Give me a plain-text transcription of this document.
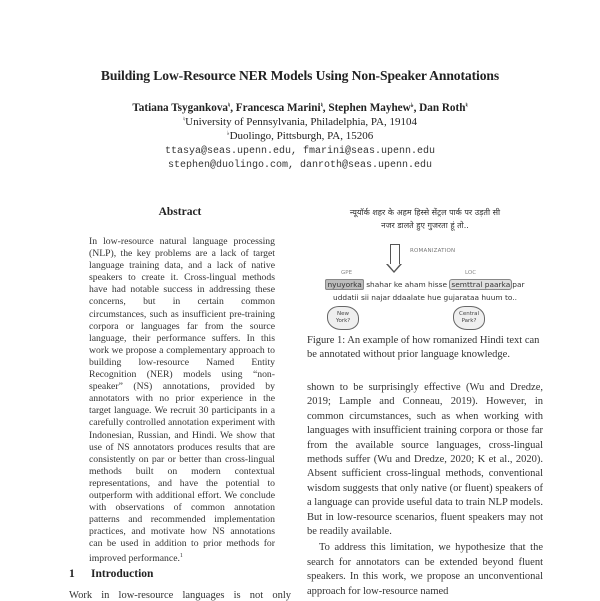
Building Low-Resource NER Models Using Non-Speaker Annotations
Tatiana Tsygankova♮, Francesca Marini♮, Stephen Mayhew♭, Dan Roth♮
♮University of Pennsylvania, Philadelphia, PA, 19104
♭Duolingo, Pittsburgh, PA, 15206
ttasya@seas.upenn.edu, fmarini@seas.upenn.edu
stephen@duolingo.com, danroth@seas.upenn.edu
Abstract
In low-resource natural language processing (NLP), the key problems are a lack of target language training data, and a lack of native speakers to create it. Cross-lingual methods have had notable success in addressing these concerns, but in certain common circumstances, such as insufficient pre-training corpora or languages far from the source language, their performance suffers. In this work we propose a complementary approach to building low-resource Named Entity Recognition (NER) models using “non-speaker” (NS) annotations, provided by annotators with no prior experience in the target language. We recruit 30 participants in a carefully controlled annotation experiment with Indonesian, Russian, and Hindi. We show that use of NS annotators produces results that are consistently on par or better than cross-lingual methods built on modern contextual representations, and have the potential to outperform with additional effort. We conclude with observations of common annotation patterns and recommended implementation practices, and motivate how NS annotations can be used in addition to prior methods for improved performance.$^1$
1 Introduction
Work in low-resource languages is not only
न्यूयॉर्क शहर के अहम हिस्से सेंट्रल पार्क पर उड़ती सी
नजर डालते हुए गुजरता हूं तो..
ROMANIZATION
GPE	LOC
nyuyorka shahar ke aham hisse semttral paarka par
uddatii sii najar ddaalate hue gujarataa huum to..
New
York?
Central
Park?
Figure 1: An example of how romanized Hindi text can be annotated without prior language knowledge.

shown to be surprisingly effective (Wu and Dredze, 2019; Lample and Conneau, 2019). However, in common circumstances, such as when working with languages with insufficient training corpora or those far from the available source languages, cross-lingual methods suffer (Wu and Dredze, 2020; K et al., 2020). Absent sufficient cross-lingual methods, conventional wisdom suggests that only native (or fluent) speakers of a language can provide useful data to train NLP models. But in low-resource scenarios, fluent speakers may not be readily available.

To address this limitation, we hypothesize that the search for annotators can be extended beyond fluent speakers. In this work, we propose an unconventional approach for low-resource named
